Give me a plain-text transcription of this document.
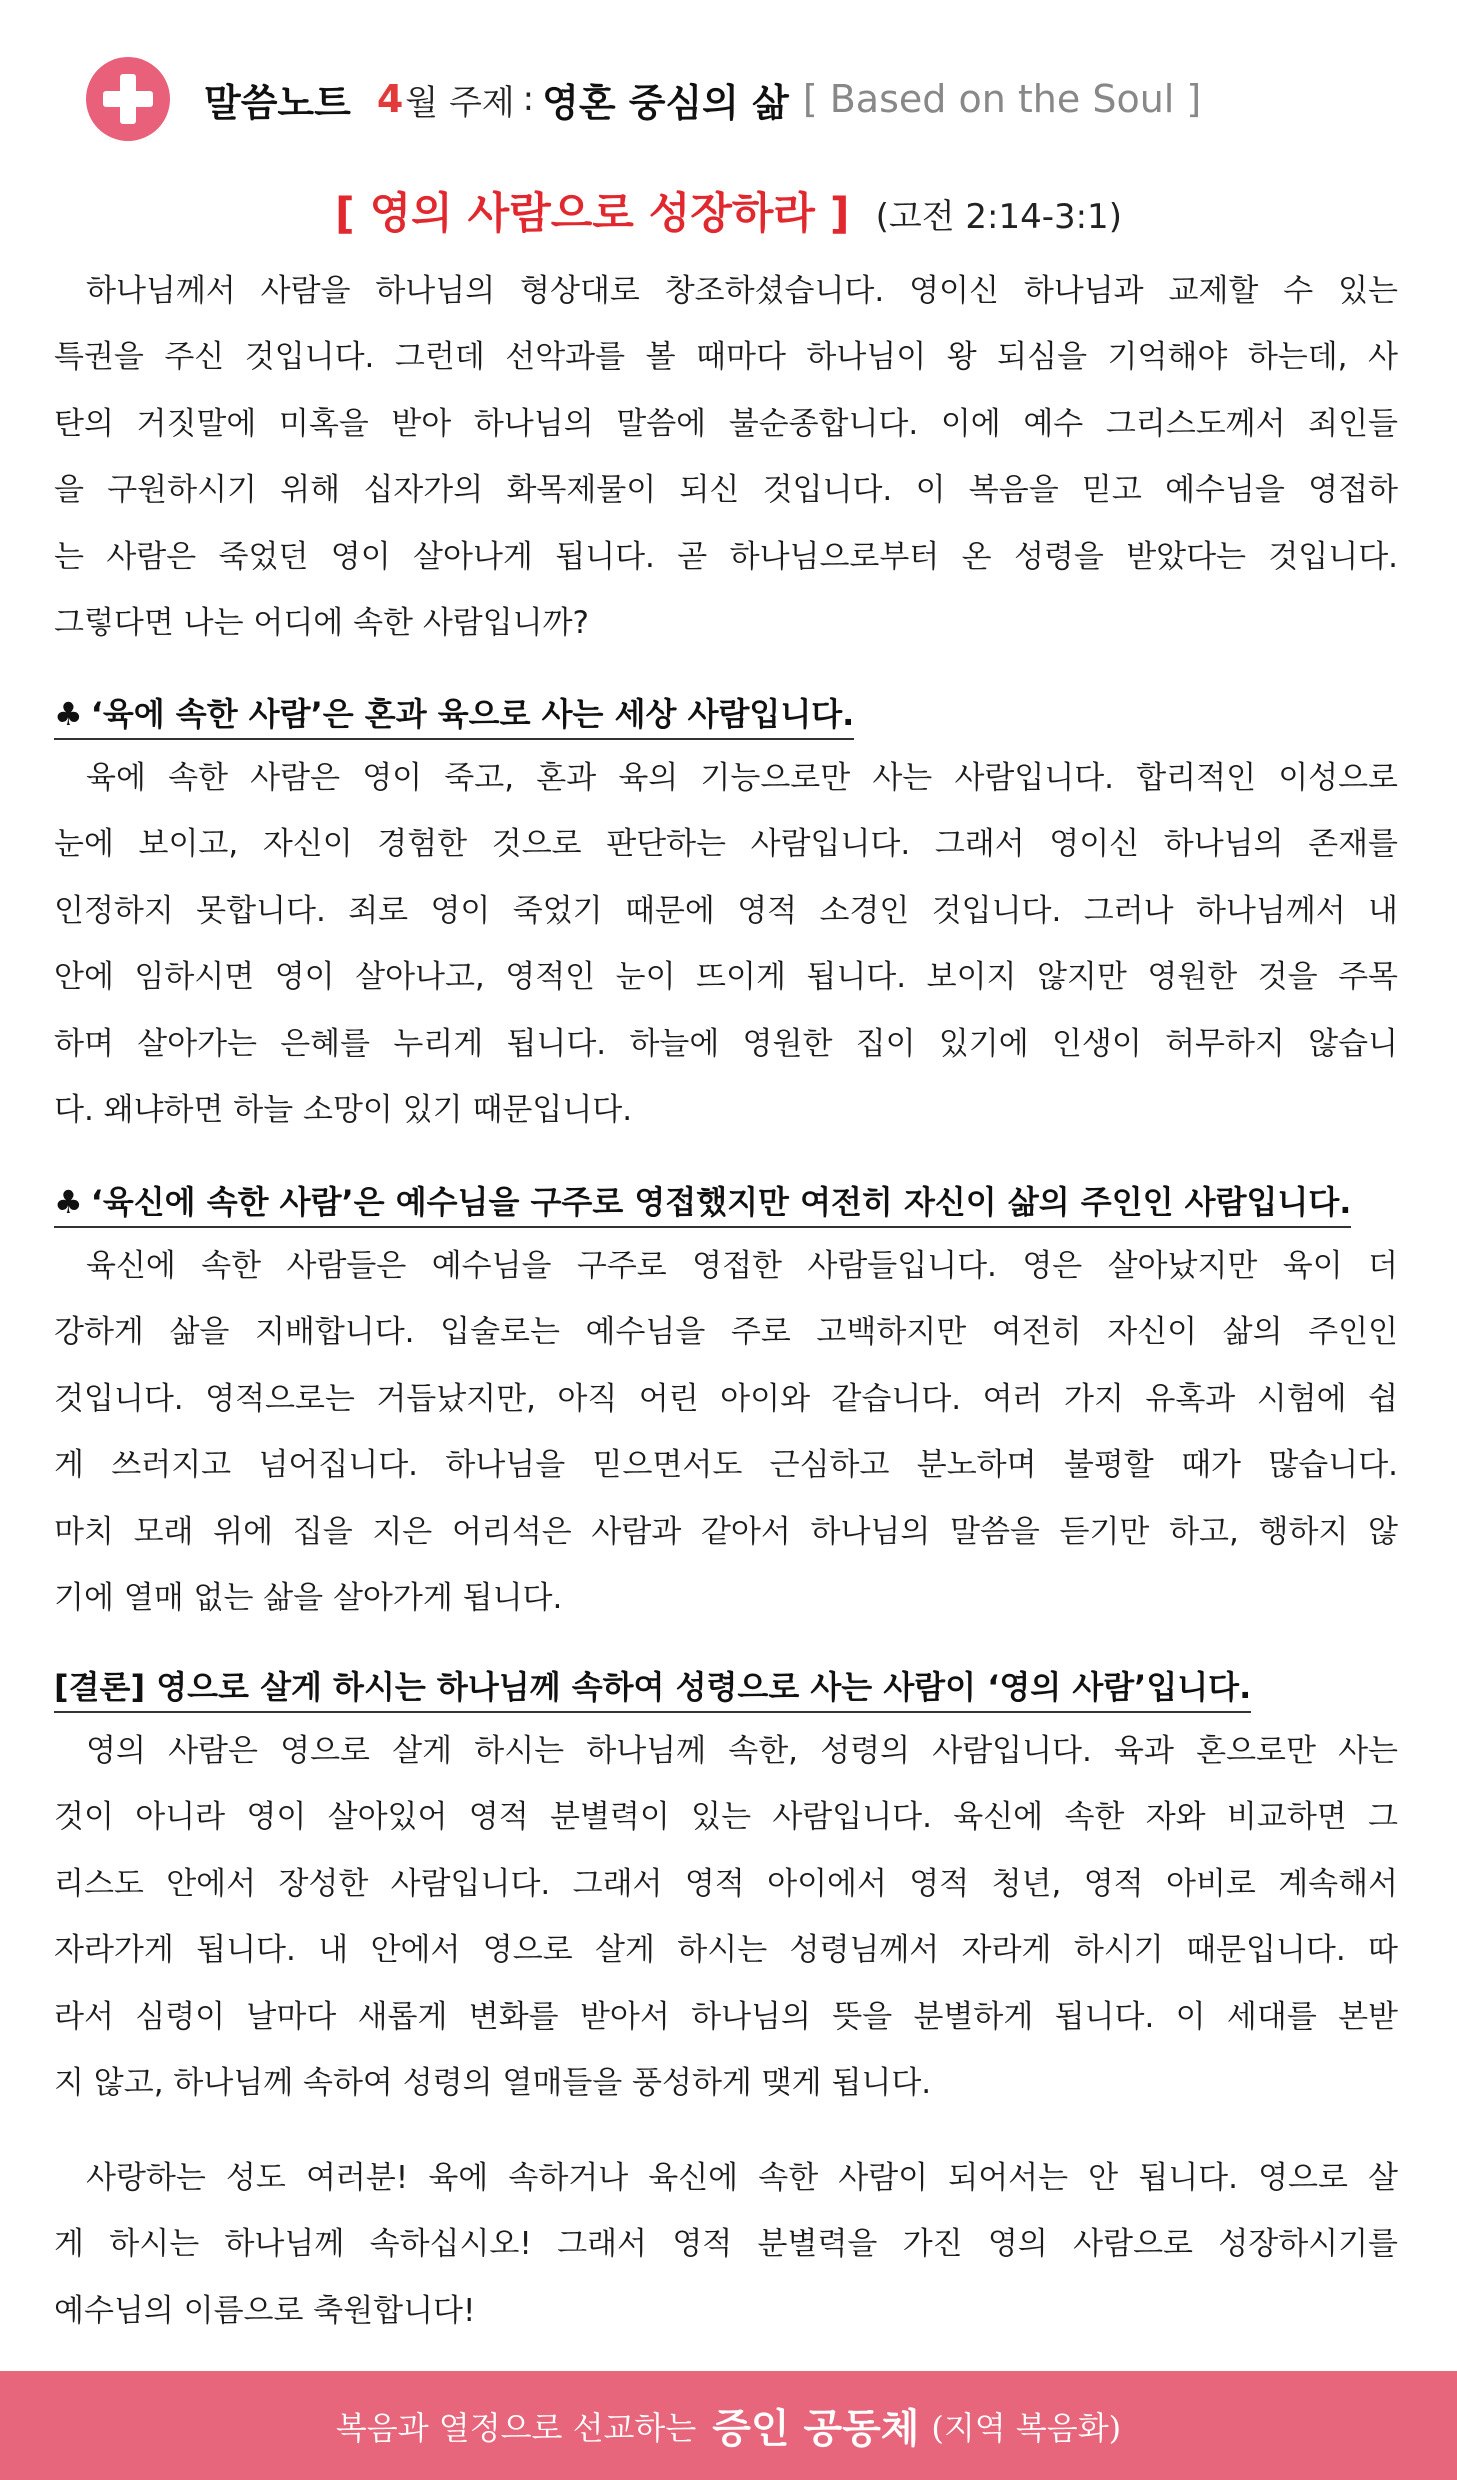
말씀노트 4 월 주제 : 영혼 중심의 삶 [ Based on the Soul ]
[ 영의 사람으로 성장하라 ] (고전 2:14-3:1)
하나님께서 사람을 하나님의 형상대로 창조하셨습니다. 영이신 하나님과 교제할 수 있는
특권을 주신 것입니다. 그런데 선악과를 볼 때마다 하나님이 왕 되심을 기억해야 하는데, 사
탄의 거짓말에 미혹을 받아 하나님의 말씀에 불순종합니다. 이에 예수 그리스도께서 죄인들
을 구원하시기 위해 십자가의 화목제물이 되신 것입니다. 이 복음을 믿고 예수님을 영접하
는 사람은 죽었던 영이 살아나게 됩니다. 곧 하나님으로부터 온 성령을 받았다는 것입니다.
그렇다면 나는 어디에 속한 사람입니까?
♣ ‘육에 속한 사람’은 혼과 육으로 사는 세상 사람입니다.
육에 속한 사람은 영이 죽고, 혼과 육의 기능으로만 사는 사람입니다. 합리적인 이성으로
눈에 보이고, 자신이 경험한 것으로 판단하는 사람입니다. 그래서 영이신 하나님의 존재를
인정하지 못합니다. 죄로 영이 죽었기 때문에 영적 소경인 것입니다. 그러나 하나님께서 내
안에 임하시면 영이 살아나고, 영적인 눈이 뜨이게 됩니다. 보이지 않지만 영원한 것을 주목
하며 살아가는 은혜를 누리게 됩니다. 하늘에 영원한 집이 있기에 인생이 허무하지 않습니
다. 왜냐하면 하늘 소망이 있기 때문입니다.
♣ ‘육신에 속한 사람’은 예수님을 구주로 영접했지만 여전히 자신이 삶의 주인인 사람입니다.
육신에 속한 사람들은 예수님을 구주로 영접한 사람들입니다. 영은 살아났지만 육이 더
강하게 삶을 지배합니다. 입술로는 예수님을 주로 고백하지만 여전히 자신이 삶의 주인인
것입니다. 영적으로는 거듭났지만, 아직 어린 아이와 같습니다. 여러 가지 유혹과 시험에 쉽
게 쓰러지고 넘어집니다. 하나님을 믿으면서도 근심하고 분노하며 불평할 때가 많습니다.
마치 모래 위에 집을 지은 어리석은 사람과 같아서 하나님의 말씀을 듣기만 하고, 행하지 않
기에 열매 없는 삶을 살아가게 됩니다.
[결론] 영으로 살게 하시는 하나님께 속하여 성령으로 사는 사람이 ‘영의 사람’입니다.
영의 사람은 영으로 살게 하시는 하나님께 속한, 성령의 사람입니다. 육과 혼으로만 사는
것이 아니라 영이 살아있어 영적 분별력이 있는 사람입니다. 육신에 속한 자와 비교하면 그
리스도 안에서 장성한 사람입니다. 그래서 영적 아이에서 영적 청년, 영적 아비로 계속해서
자라가게 됩니다. 내 안에서 영으로 살게 하시는 성령님께서 자라게 하시기 때문입니다. 따
라서 심령이 날마다 새롭게 변화를 받아서 하나님의 뜻을 분별하게 됩니다. 이 세대를 본받
지 않고, 하나님께 속하여 성령의 열매들을 풍성하게 맺게 됩니다.
사랑하는 성도 여러분! 육에 속하거나 육신에 속한 사람이 되어서는 안 됩니다. 영으로 살
게 하시는 하나님께 속하십시오! 그래서 영적 분별력을 가진 영의 사람으로 성장하시기를
예수님의 이름으로 축원합니다!
복음과 열정으로 선교하는 증인 공동체 (지역 복음화)
